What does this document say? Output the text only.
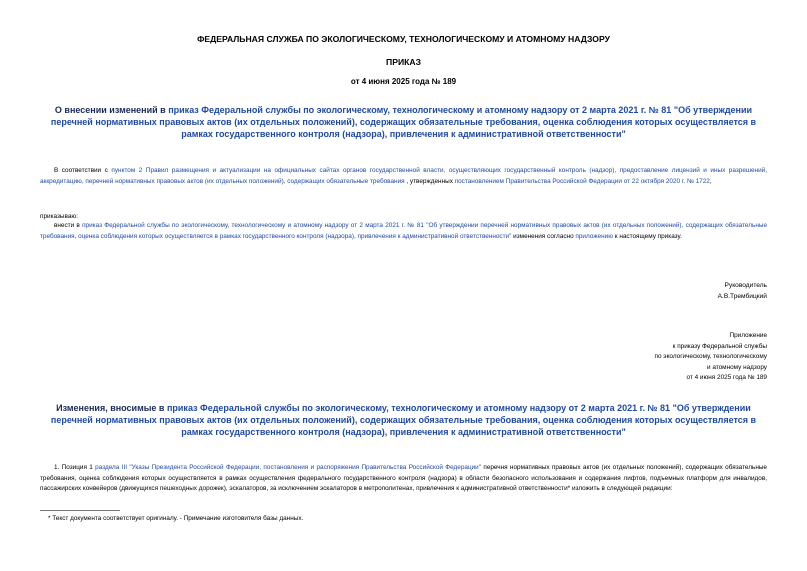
ФЕДЕРАЛЬНАЯ СЛУЖБА ПО ЭКОЛОГИЧЕСКОМУ, ТЕХНОЛОГИЧЕСКОМУ И АТОМНОМУ НАДЗОРУ
ПРИКАЗ
от 4 июня 2025 года № 189
О внесении изменений в приказ Федеральной службы по экологическому, технологическому и атомному надзору от 2 марта 2021 г. № 81 "Об утверждении перечней нормативных правовых актов (их отдельных положений), содержащих обязательные требования, оценка соблюдения которых осуществляется в рамках государственного контроля (надзора), привлечения к административной ответственности"
В соответствии с пунктом 2 Правил размещения и актуализации на официальных сайтах органов государственной власти, осуществляющих государственный контроль (надзор), предоставление лицензий и иных разрешений, аккредитацию, перечней нормативных правовых актов (их отдельных положений), содержащих обязательные требования , утвержденных постановлением Правительства Российской Федерации от 22 октября 2020 г. № 1722,
приказываю:
внести в приказ Федеральной службы по экологическому, технологическому и атомному надзору от 2 марта 2021 г. № 81 "Об утверждении перечней нормативных правовых актов (их отдельных положений), содержащих обязательные требования, оценка соблюдения которых осуществляется в рамках государственного контроля (надзора), привлечения к административной ответственности" изменения согласно приложению к настоящему приказу.
Руководитель
А.В.Трембицкий
Приложение
к приказу Федеральной службы
по экологическому, технологическому
и атомному надзору
от 4 июня 2025 года № 189
Изменения, вносимые в приказ Федеральной службы по экологическому, технологическому и атомному надзору от 2 марта 2021 г. № 81 "Об утверждении перечней нормативных правовых актов (их отдельных положений), содержащих обязательные требования, оценка соблюдения которых осуществляется в рамках государственного контроля (надзора), привлечения к административной ответственности"
1. Позиция 1 раздела III "Указы Президента Российской Федерации, постановления и распоряжения Правительства Российской Федерации" перечня нормативных правовых актов (их отдельных положений), содержащих обязательные требования, оценка соблюдения которых осуществляется в рамках осуществления федерального государственного контроля (надзора) в области безопасного использования и содержания лифтов, подъемных платформ для инвалидов, пассажирских конвейеров (движущихся пешеходных дорожек), эскалаторов, за исключением эскалаторов в метрополитенах, привлечения к административной ответственности* изложить в следующей редакции:
* Текст документа соответствует оригиналу. - Примечание изготовителя базы данных.
